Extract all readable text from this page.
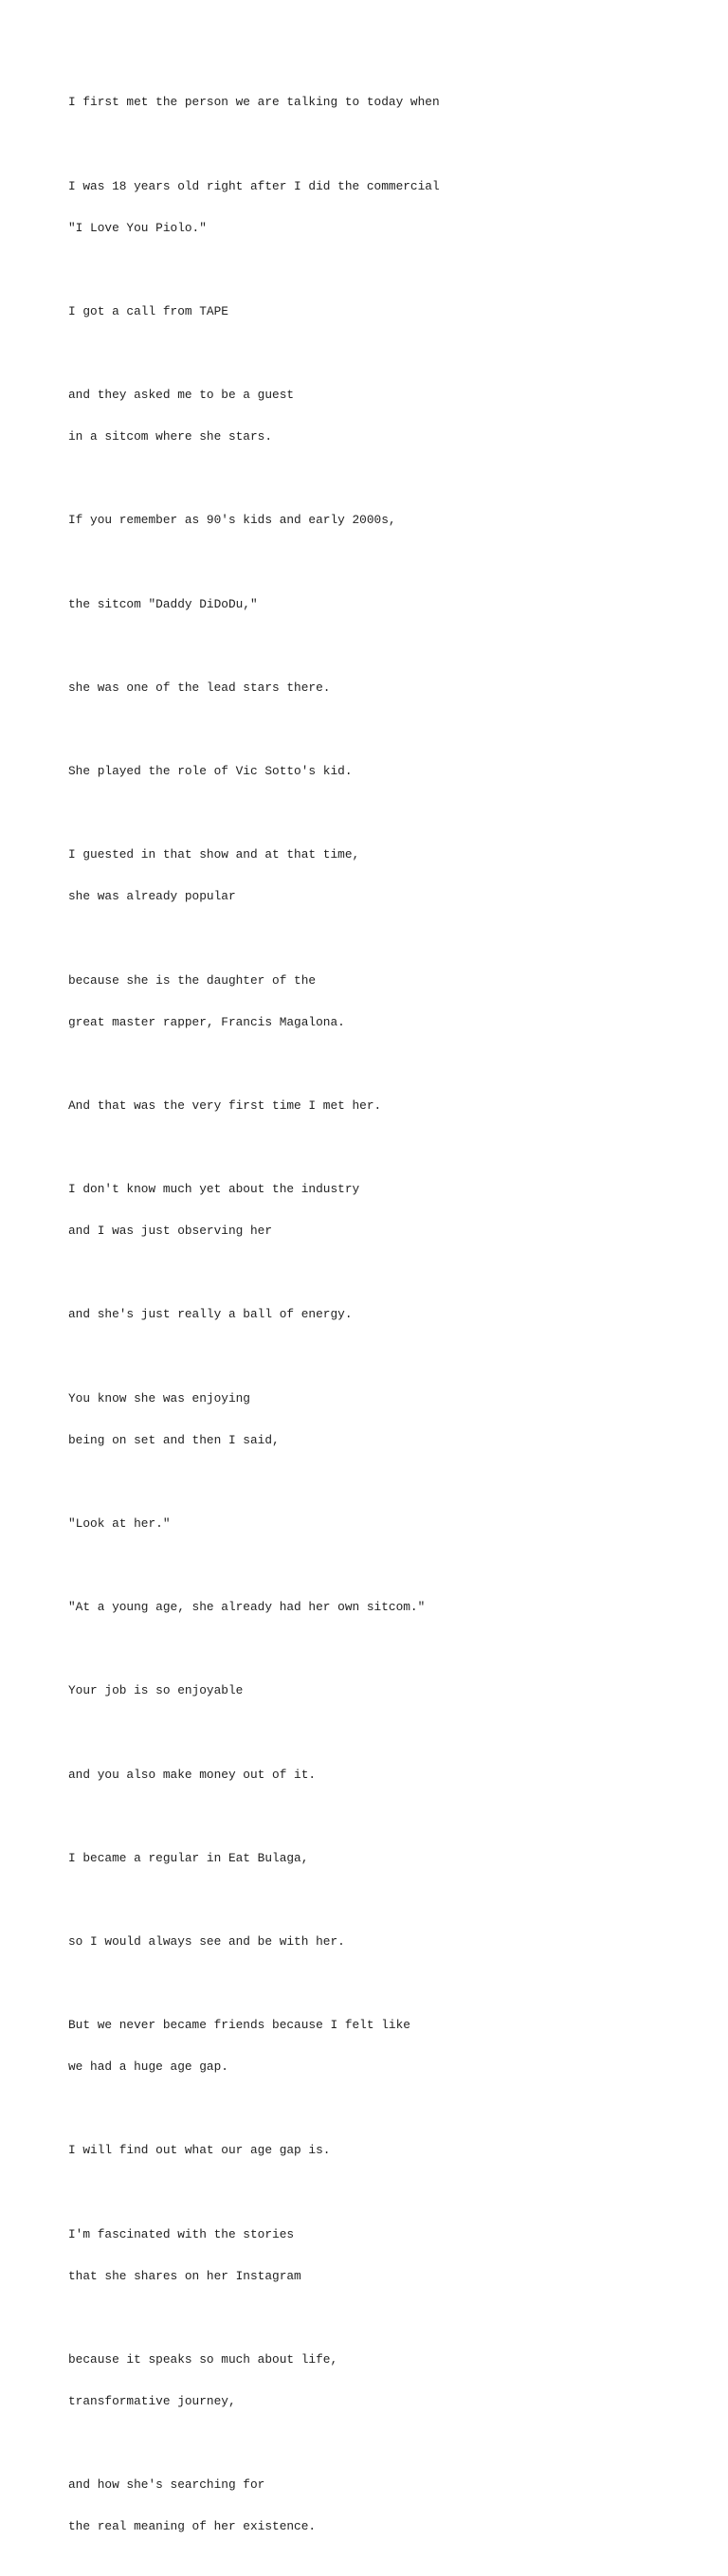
I first met the person we are talking to today when

I was 18 years old right after I did the commercial

"I Love You Piolo."

I got a call from TAPE

and they asked me to be a guest

in a sitcom where she stars.

If you remember as 90's kids and early 2000s,

the sitcom "Daddy DiDoDu,"

she was one of the lead stars there.

She played the role of Vic Sotto's kid.

I guested in that show and at that time,

she was already popular

because she is the daughter of the

great master rapper, Francis Magalona.

And that was the very first time I met her.

I don't know much yet about the industry

and I was just observing her

and she's just really a ball of energy.

You know she was enjoying

being on set and then I said,

"Look at her."

"At a young age, she already had her own sitcom."

Your job is so enjoyable

and you also make money out of it.

I became a regular in Eat Bulaga,

so I would always see and be with her.

But we never became friends because I felt like

we had a huge age gap.

I will find out what our age gap is.

I'm fascinated with the stories

that she shares on her Instagram

because it speaks so much about life,

transformative journey,

and how she's searching for

the real meaning of her existence.
